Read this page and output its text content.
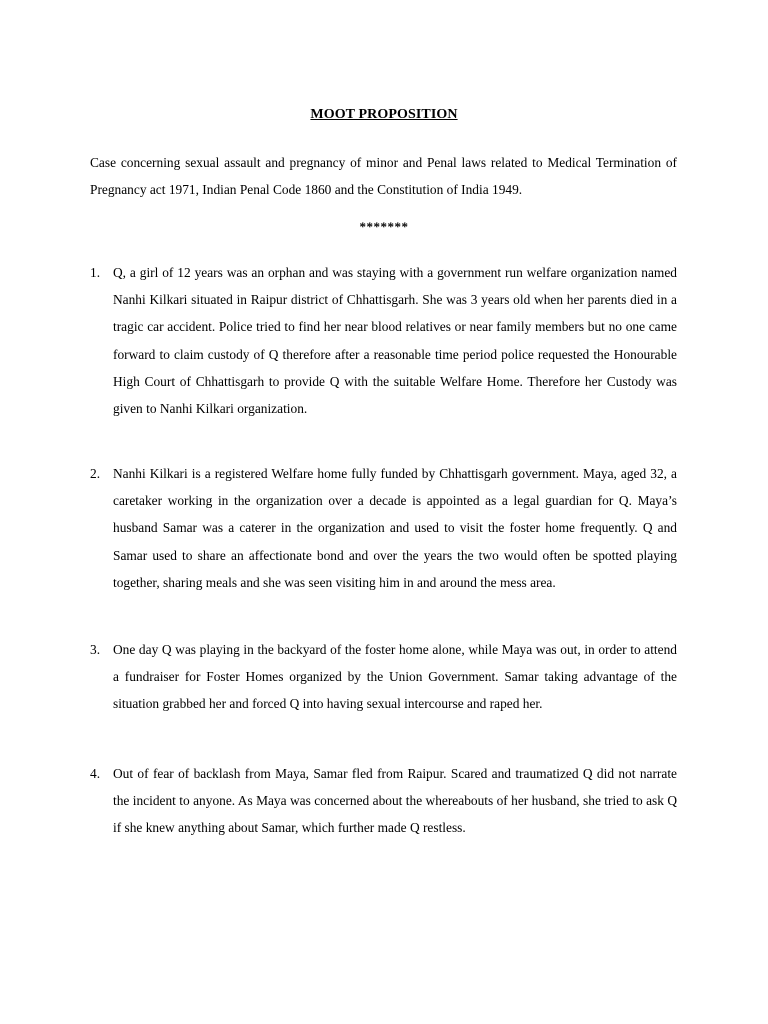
MOOT PROPOSITION
Case concerning sexual assault and pregnancy of minor and Penal laws related to Medical Termination of Pregnancy act 1971, Indian Penal Code 1860 and the Constitution of India 1949.
*******
1. Q, a girl of 12 years was an orphan and was staying with a government run welfare organization named Nanhi Kilkari situated in Raipur district of Chhattisgarh. She was 3 years old when her parents died in a tragic car accident. Police tried to find her near blood relatives or near family members but no one came forward to claim custody of Q therefore after a reasonable time period police requested the Honourable High Court of Chhattisgarh to provide Q with the suitable Welfare Home. Therefore her Custody was given to Nanhi Kilkari organization.
2. Nanhi Kilkari is a registered Welfare home fully funded by Chhattisgarh government. Maya, aged 32, a caretaker working in the organization over a decade is appointed as a legal guardian for Q. Maya’s husband Samar was a caterer in the organization and used to visit the foster home frequently. Q and Samar used to share an affectionate bond and over the years the two would often be spotted playing together, sharing meals and she was seen visiting him in and around the mess area.
3. One day Q was playing in the backyard of the foster home alone, while Maya was out, in order to attend a fundraiser for Foster Homes organized by the Union Government. Samar taking advantage of the situation grabbed her and forced Q into having sexual intercourse and raped her.
4. Out of fear of backlash from Maya, Samar fled from Raipur. Scared and traumatized Q did not narrate the incident to anyone. As Maya was concerned about the whereabouts of her husband, she tried to ask Q if she knew anything about Samar, which further made Q restless.
